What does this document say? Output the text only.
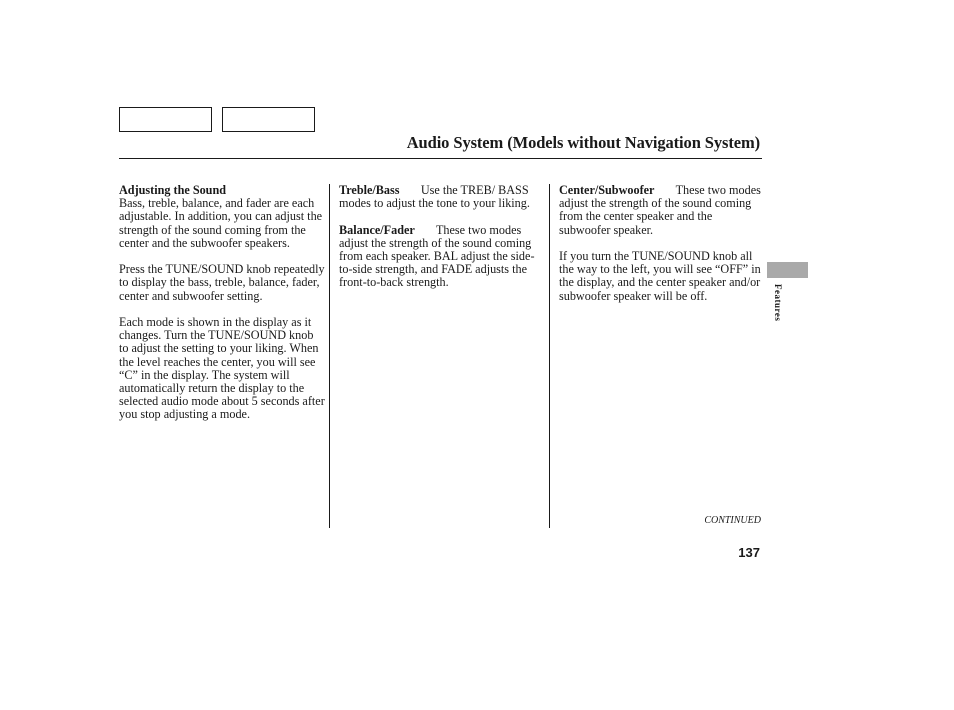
Audio System (Models without Navigation System)
Adjusting the Sound

Bass, treble, balance, and fader are each adjustable. In addition, you can adjust the strength of the sound coming from the center and the subwoofer speakers.

Press the TUNE/SOUND knob repeatedly to display the bass, treble, balance, fader, center and subwoofer setting.

Each mode is shown in the display as it changes. Turn the TUNE/SOUND knob to adjust the setting to your liking. When the level reaches the center, you will see “C” in the display. The system will automatically return the display to the selected audio mode about 5 seconds after you stop adjusting a mode.

Treble/Bass Use the TREB/ BASS modes to adjust the tone to your liking.

Balance/Fader These two modes adjust the strength of the sound coming from each speaker. BAL adjust the side-to-side strength, and FADE adjusts the front-to-back strength.

Center/Subwoofer These two modes adjust the strength of the sound coming from the center speaker and the subwoofer speaker.

If you turn the TUNE/SOUND knob all the way to the left, you will see “OFF” in the display, and the center speaker and/or subwoofer speaker will be off.	Features
CONTINUED
137
